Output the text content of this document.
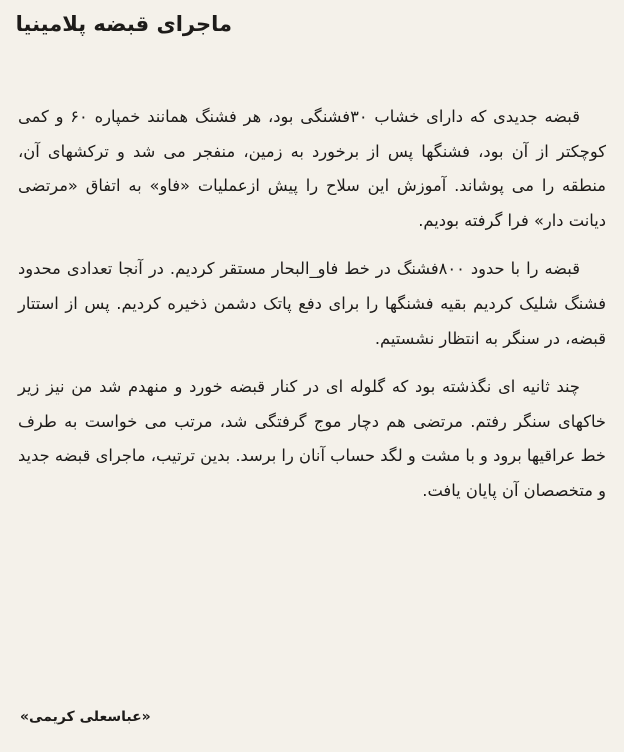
ماجرای قبضه پلامینیا

قبضه جدیدی که دارای خشاب ۳۰فشنگی بود، هر فشنگ همانند خمپاره ۶۰ و کمی کوچکتر از آن بود، فشنگها پس از برخورد به زمین، منفجر می شد و ترکشهای آن، منطقه را می پوشاند. آموزش این سلاح را پیش ازعملیات «فاو» به اتفاق «مرتضی دیانت دار» فرا گرفته بودیم.

قبضه را با حدود ۸۰۰فشنگ در خط فاو_البحار مستقر کردیم. در آنجا تعدادی محدود فشنگ شلیک کردیم بقیه فشنگها را برای دفع پاتک دشمن ذخیره کردیم. پس از استتار قبضه، در سنگر به انتظار نشستیم.

چند ثانیه ای نگذشته بود که گلوله ای در کنار قبضه خورد و منهدم شد من نیز زیر خاکهای سنگر رفتم. مرتضی هم دچار موج گرفتگی شد، مرتب می خواست به طرف خط عراقیها برود و با مشت و لگد حساب آنان را برسد. بدین ترتیب، ماجرای قبضه جدید و متخصصان آن پایان یافت.

«عباسعلی کریمی»
